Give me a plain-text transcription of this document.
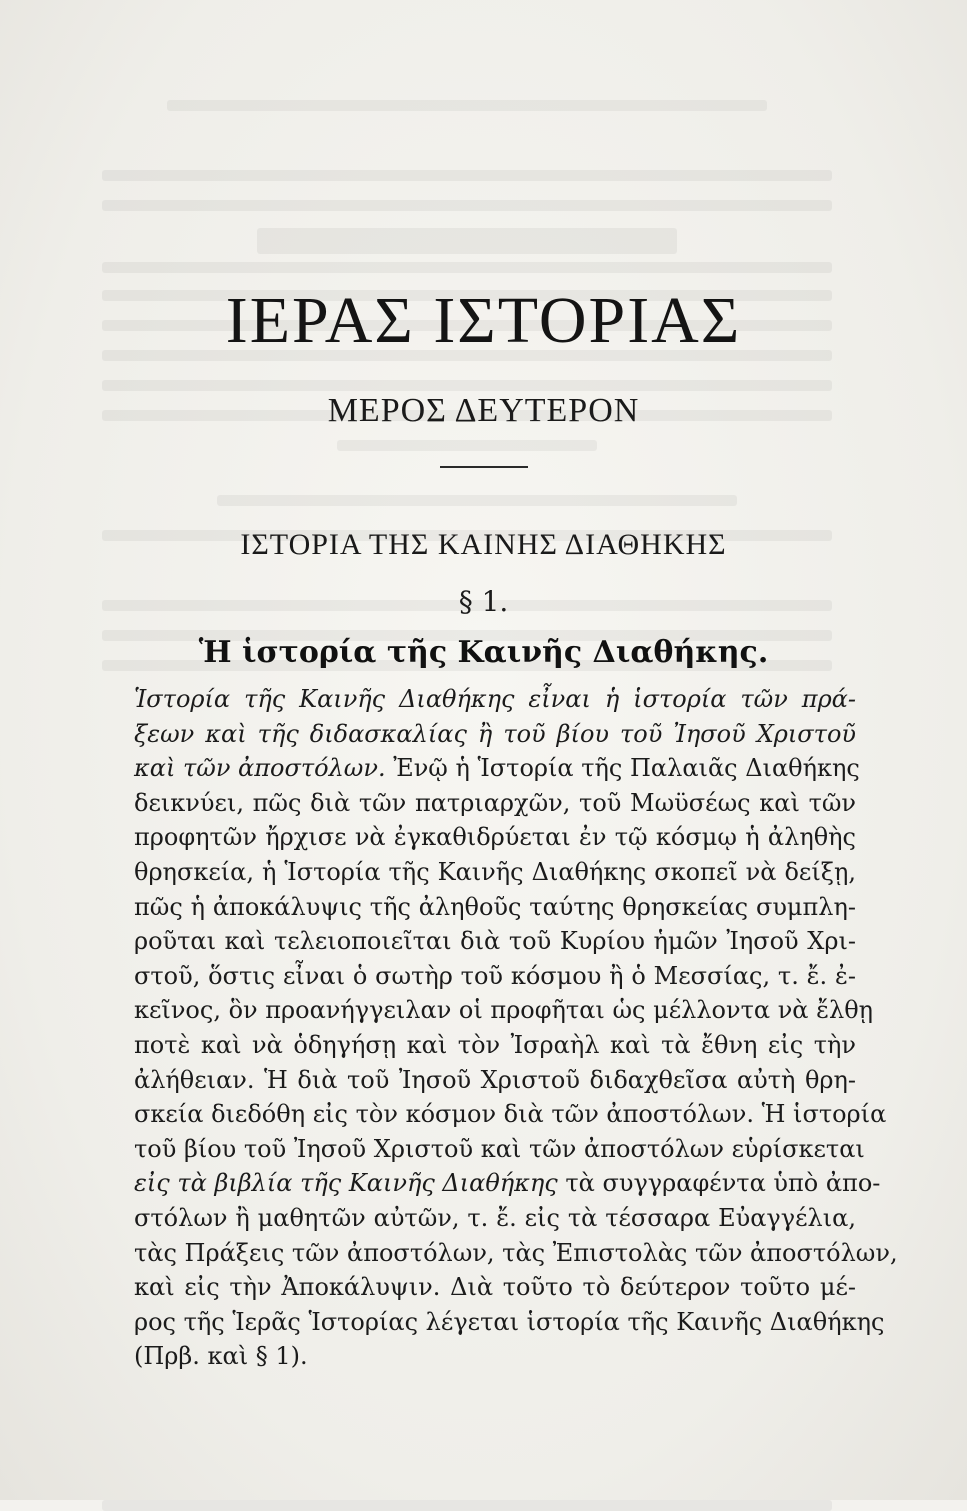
ΙΕΡΑΣ ΙΣΤΟΡΙΑΣ
ΜΕΡΟΣ ΔΕΥΤΕΡΟΝ
ΙΣΤΟΡΙΑ ΤΗΣ ΚΑΙΝΗΣ ΔΙΑΘΗΚΗΣ
§ 1.
Ἡ ἱστορία τῆς Καινῆς Διαθήκης.
Ἱστορία τῆς Καινῆς Διαθήκης εἶναι ἡ ἱστορία τῶν πρά-
ξεων καὶ τῆς διδασκαλίας ἢ τοῦ βίου τοῦ Ἰησοῦ Χριστοῦ
καὶ τῶν ἀποστόλων. Ἐνῷ ἡ Ἱστορία τῆς Παλαιᾶς Διαθήκης
δεικνύει, πῶς διὰ τῶν πατριαρχῶν, τοῦ Μωϋσέως καὶ τῶν
προφητῶν ἤρχισε νὰ ἐγκαθιδρύεται ἐν τῷ κόσμῳ ἡ ἀληθὴς
θρησκεία, ἡ Ἱστορία τῆς Καινῆς Διαθήκης σκοπεῖ νὰ δείξῃ,
πῶς ἡ ἀποκάλυψις τῆς ἀληθοῦς ταύτης θρησκείας συμπλη-
ροῦται καὶ τελειοποιεῖται διὰ τοῦ Κυρίου ἡμῶν Ἰησοῦ Χρι-
στοῦ, ὅστις εἶναι ὁ σωτὴρ τοῦ κόσμου ἢ ὁ Μεσσίας, τ. ἔ. ἐ-
κεῖνος, ὃν προανήγγειλαν οἱ προφῆται ὡς μέλλοντα νὰ ἔλθῃ
ποτὲ καὶ νὰ ὁδηγήσῃ καὶ τὸν Ἰσραὴλ καὶ τὰ ἔθνη εἰς τὴν
ἀλήθειαν. Ἡ διὰ τοῦ Ἰησοῦ Χριστοῦ διδαχθεῖσα αὐτὴ θρη-
σκεία διεδόθη εἰς τὸν κόσμον διὰ τῶν ἀποστόλων. Ἡ ἱστορία
τοῦ βίου τοῦ Ἰησοῦ Χριστοῦ καὶ τῶν ἀποστόλων εὑρίσκεται
εἰς τὰ βιβλία τῆς Καινῆς Διαθήκης τὰ συγγραφέντα ὑπὸ ἀπο-
στόλων ἢ μαθητῶν αὐτῶν, τ. ἔ. εἰς τὰ τέσσαρα Εὐαγγέλια,
τὰς Πράξεις τῶν ἀποστόλων, τὰς Ἐπιστολὰς τῶν ἀποστόλων,
καὶ εἰς τὴν Ἀποκάλυψιν. Διὰ τοῦτο τὸ δεύτερον τοῦτο μέ-
ρος τῆς Ἱερᾶς Ἱστορίας λέγεται ἱστορία τῆς Καινῆς Διαθήκης
(Πρβ. καὶ § 1).
